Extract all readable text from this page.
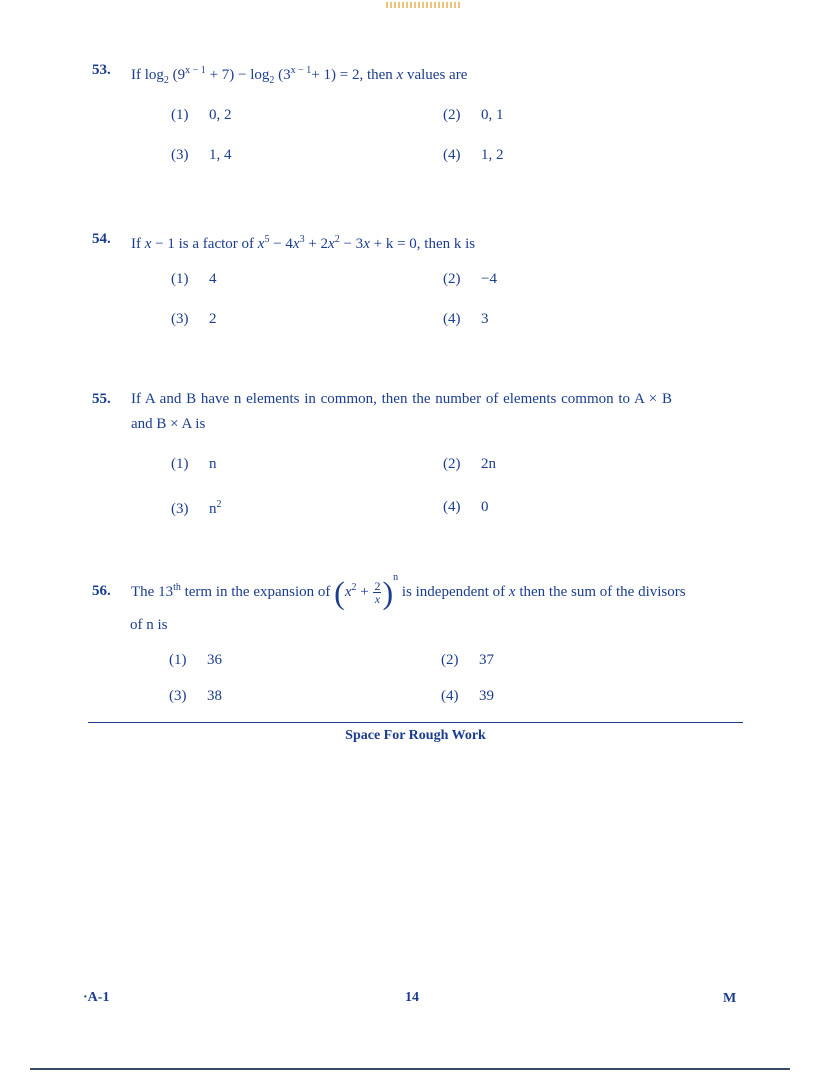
53. If $\log_2 (9^{x - 1} + 7) - \log_2 (3^{x - 1}+ 1) = 2$, then x values are
(1) 0, 2	(2) 0, 1
(3) 1, 4	(4) 1, 2
54. If x − 1 is a factor of $x^5 - 4x^3 + 2x^2 - 3x + k = 0$, then k is
(1) 4	(2) −4
(3) 2	(4) 3
55. If A and B have n elements in common, then the number of elements common to A × B
and B × A is
(1) n	(2) 2n
(3) $n^2$	(4) 0
56. The 13th term in the expansion of $(x^2 + \frac{2}{x} )^n$ is independent of x then the sum of the divisors
of n is
(1) 36	(2) 37
(3) 38	(4) 39
Space For Rough Work
·A-1	14	M
